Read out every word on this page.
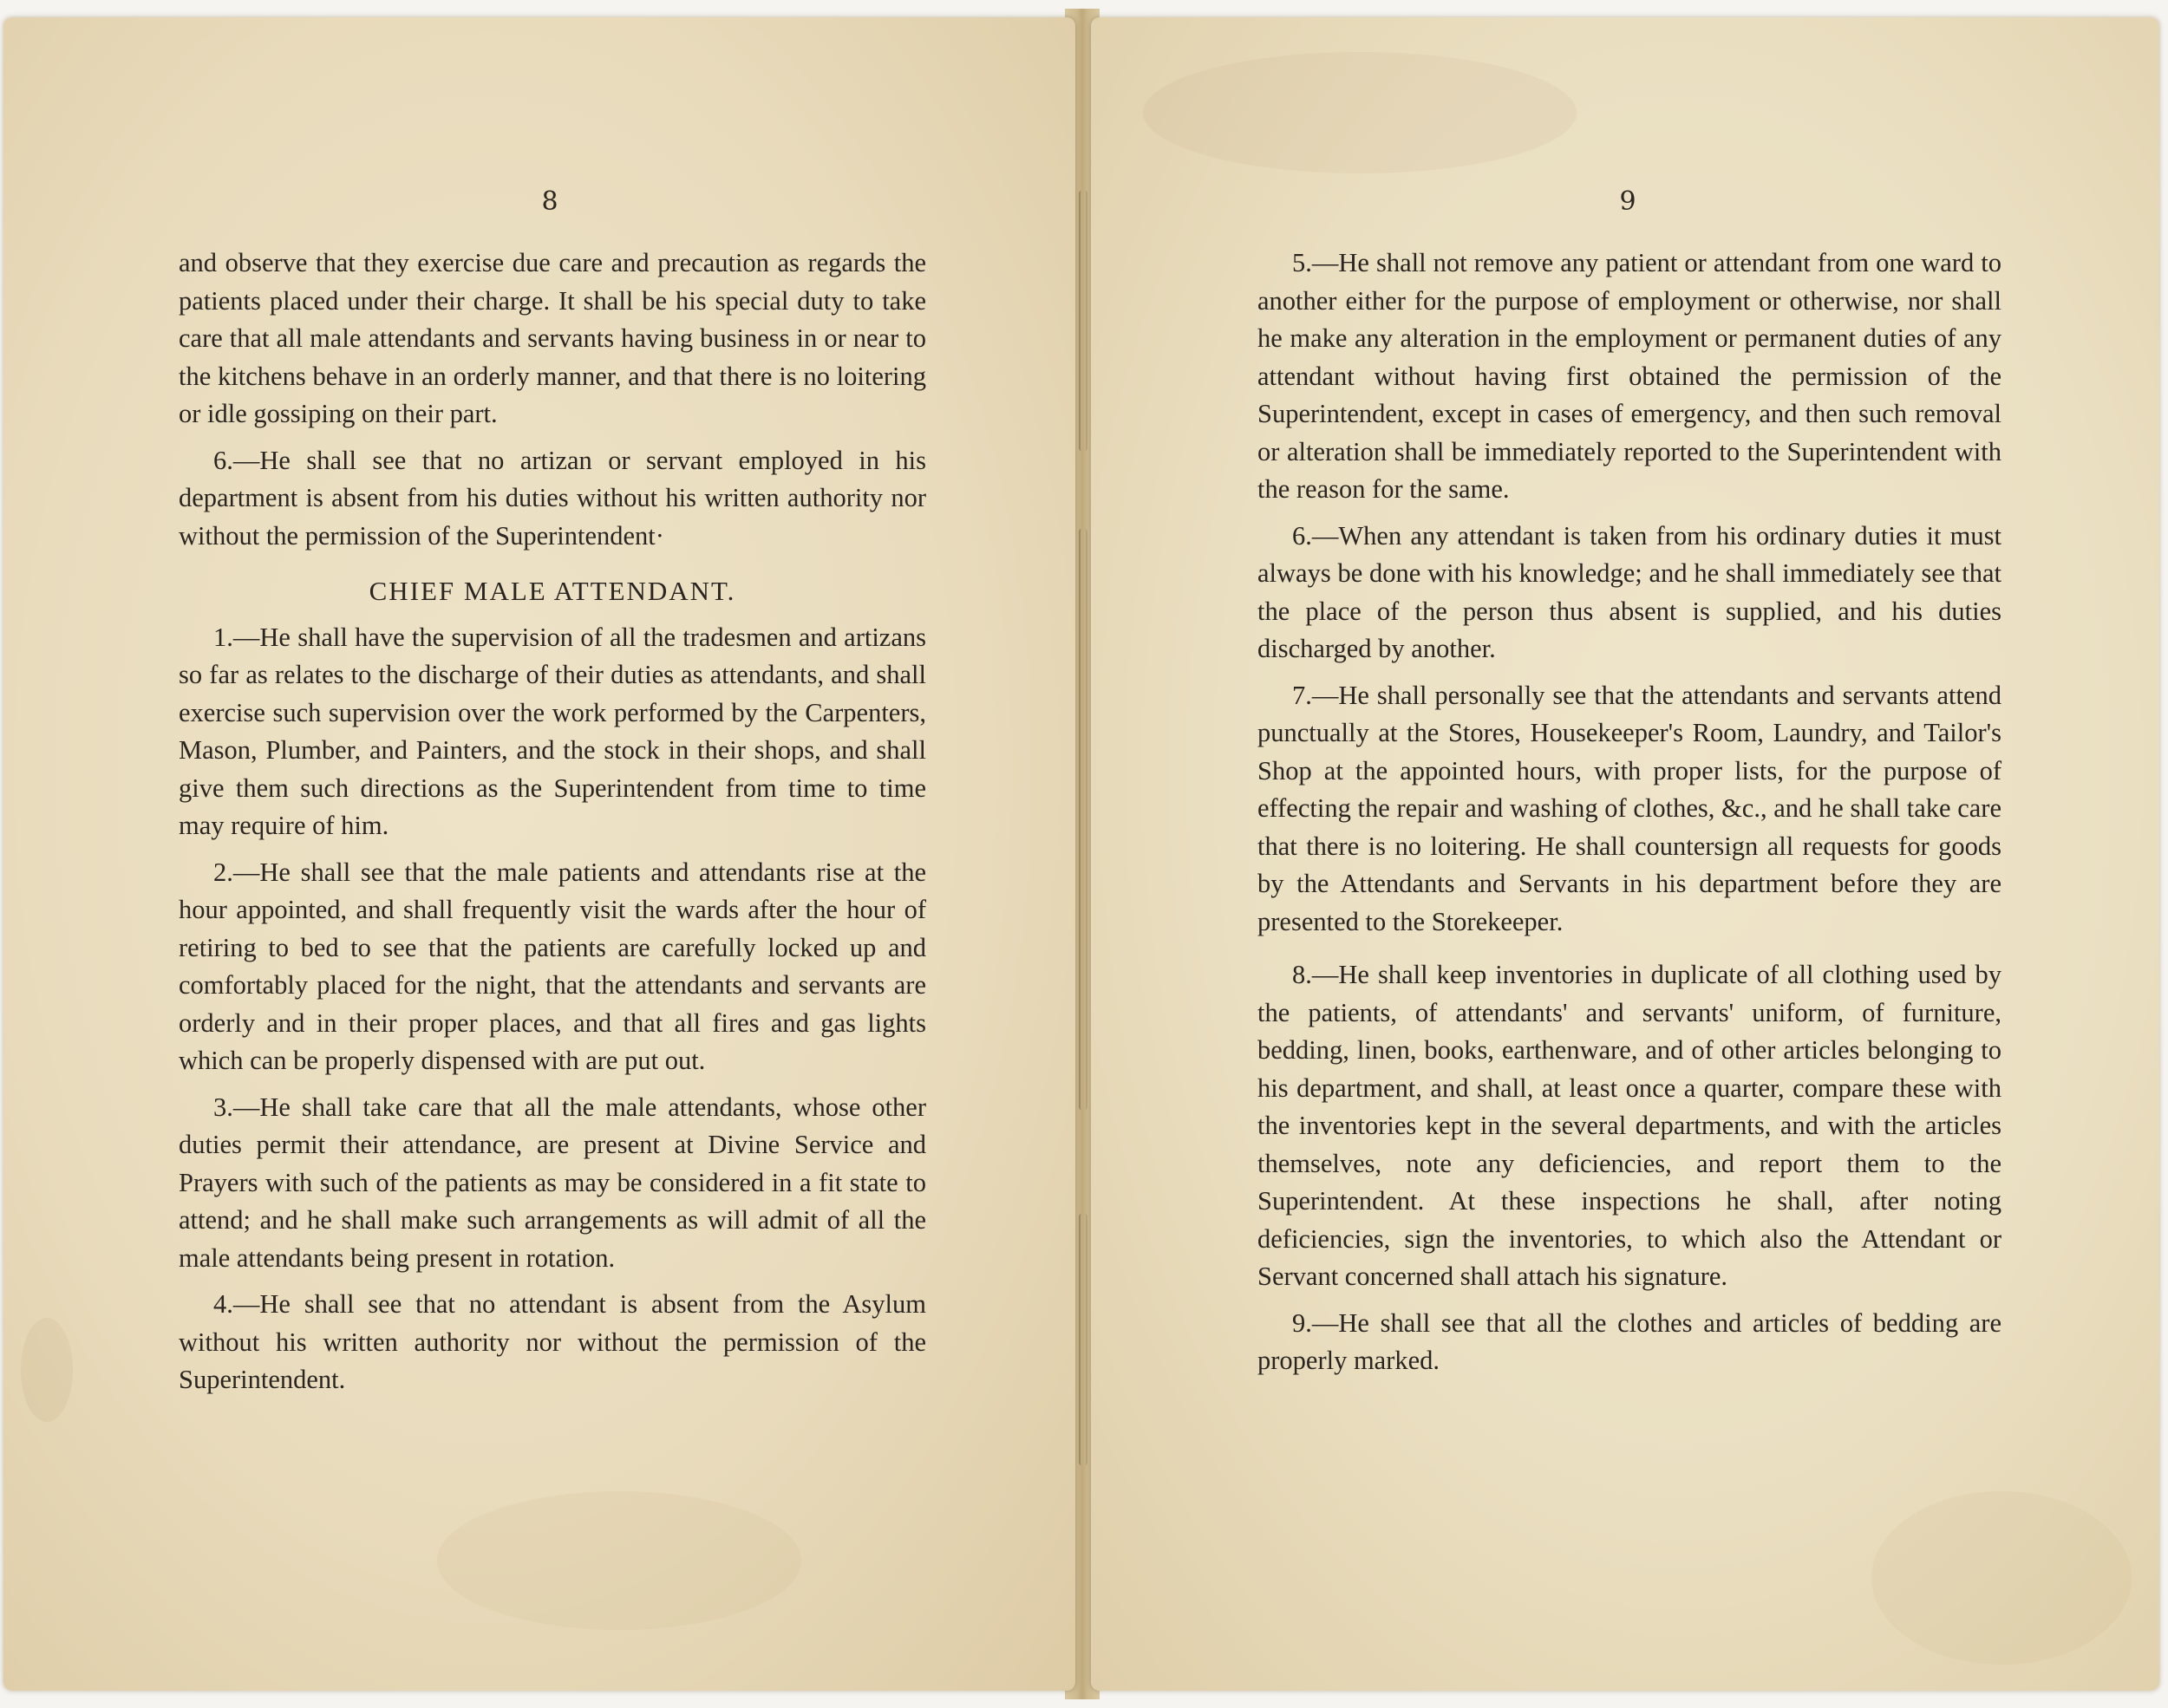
8	9

and observe that they exercise due care and precaution as regards the patients placed under their charge. It shall be his special duty to take care that all male attendants and servants having business in or near to the kitchens behave in an orderly manner, and that there is no loitering or idle gossiping on their part.

6.—He shall see that no artizan or servant employed in his department is absent from his duties without his written authority nor without the permission of the Superintendent·

CHIEF MALE ATTENDANT.

1.—He shall have the supervision of all the tradesmen and artizans so far as relates to the discharge of their duties as attendants, and shall exercise such supervision over the work performed by the Carpenters, Mason, Plumber, and Painters, and the stock in their shops, and shall give them such directions as the Superintendent from time to time may require of him.

2.—He shall see that the male patients and attendants rise at the hour appointed, and shall frequently visit the wards after the hour of retiring to bed to see that the patients are carefully locked up and comfortably placed for the night, that the attendants and servants are orderly and in their proper places, and that all fires and gas lights which can be properly dispensed with are put out.

3.—He shall take care that all the male attendants, whose other duties permit their attendance, are present at Divine Service and Prayers with such of the patients as may be considered in a fit state to attend; and he shall make such arrangements as will admit of all the male attendants being present in rotation.

4.—He shall see that no attendant is absent from the Asylum without his written authority nor without the permission of the Superintendent.

5.—He shall not remove any patient or attendant from one ward to another either for the purpose of employment or otherwise, nor shall he make any alteration in the employment or permanent duties of any attendant without having first obtained the permission of the Superintendent, except in cases of emergency, and then such removal or alteration shall be immediately reported to the Superintendent with the reason for the same.

6.—When any attendant is taken from his ordinary duties it must always be done with his knowledge; and he shall immediately see that the place of the person thus absent is supplied, and his duties discharged by another.

7.—He shall personally see that the attendants and servants attend punctually at the Stores, Housekeeper's Room, Laundry, and Tailor's Shop at the appointed hours, with proper lists, for the purpose of effecting the repair and washing of clothes, &c., and he shall take care that there is no loitering. He shall countersign all requests for goods by the Attendants and Servants in his department before they are presented to the Storekeeper.

8.—He shall keep inventories in duplicate of all clothing used by the patients, of attendants' and servants' uniform, of furniture, bedding, linen, books, earthenware, and of other articles belonging to his department, and shall, at least once a quarter, compare these with the inventories kept in the several departments, and with the articles themselves, note any deficiencies, and report them to the Superintendent. At these inspections he shall, after noting deficiencies, sign the inventories, to which also the Attendant or Servant concerned shall attach his signature.

9.—He shall see that all the clothes and articles of bedding are properly marked.
